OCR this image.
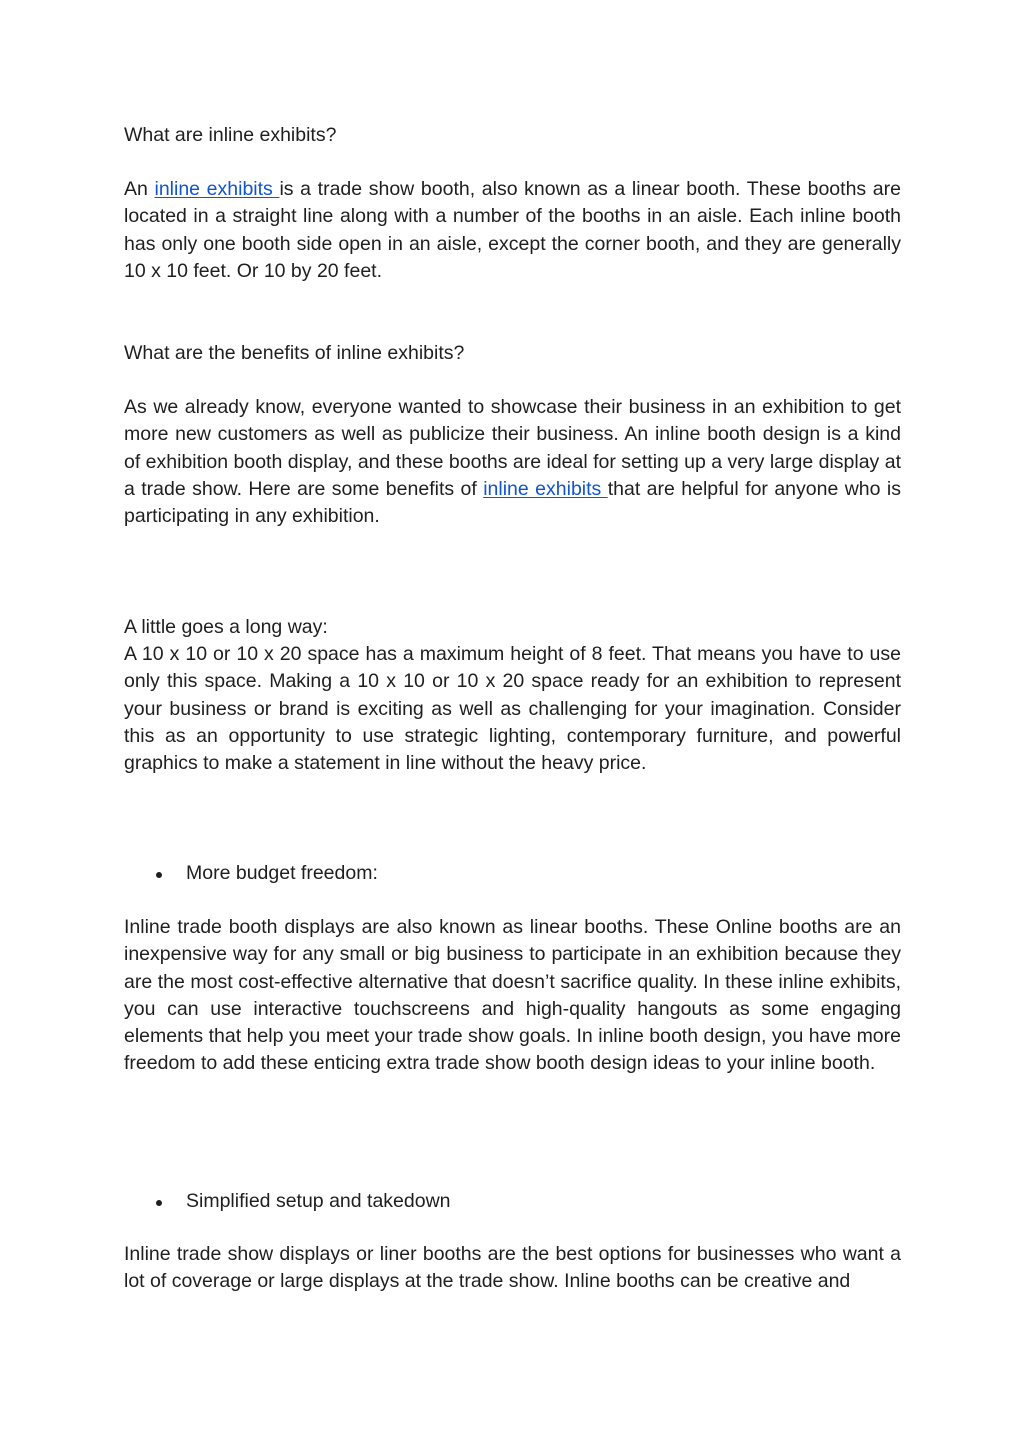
What are inline exhibits?

An inline exhibits is a trade show booth, also known as a linear booth. These booths are located in a straight line along with a number of the booths in an aisle. Each inline booth has only one booth side open in an aisle, except the corner booth, and they are generally 10 x 10 feet. Or 10 by 20 feet.

What are the benefits of inline exhibits?

As we already know, everyone wanted to showcase their business in an exhibition to get more new customers as well as publicize their business. An inline booth design is a kind of exhibition booth display, and these booths are ideal for setting up a very large display at a trade show. Here are some benefits of inline exhibits that are helpful for anyone who is participating in any exhibition.

A little goes a long way:

A 10 x 10 or 10 x 20 space has a maximum height of 8 feet. That means you have to use only this space. Making a 10 x 10 or 10 x 20 space ready for an exhibition to represent your business or brand is exciting as well as challenging for your imagination. Consider this as an opportunity to use strategic lighting, contemporary furniture, and powerful graphics to make a statement in line without the heavy price.

More budget freedom:

Inline trade booth displays are also known as linear booths. These Online booths are an inexpensive way for any small or big business to participate in an exhibition because they are the most cost-effective alternative that doesn’t sacrifice quality. In these inline exhibits, you can use interactive touchscreens and high-quality hangouts as some engaging elements that help you meet your trade show goals. In inline booth design, you have more freedom to add these enticing extra trade show booth design ideas to your inline booth.

Simplified setup and takedown

Inline trade show displays or liner booths are the best options for businesses who want a lot of coverage or large displays at the trade show. Inline booths can be creative and
